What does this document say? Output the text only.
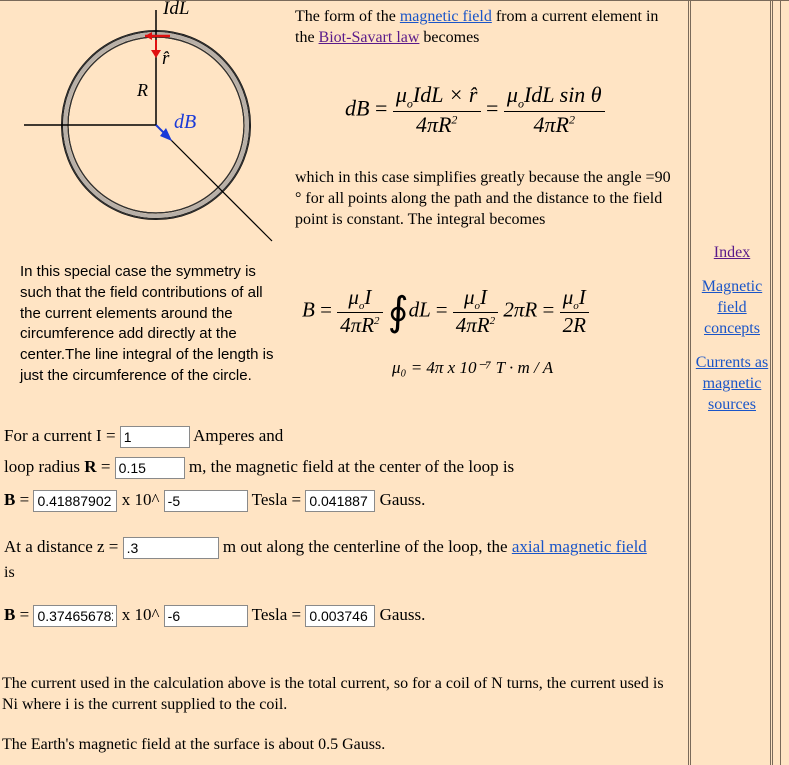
IdL
r̂
R
dB
The form of the magnetic field from a current element in the Biot-Savart law becomes
dB = $\frac{\mu_oIdL \times r̂}{4\pi R^2} = \frac{\mu_oIdL \sin \theta}{4\pi R^2}$
which in this case simplifies greatly because the angle =90 ° for all points along the path and the distance to the field point is constant. The integral becomes
In this special case the symmetry is such that the field contributions of all the current elements around the circumference add directly at the center.The line integral of the length is just the circumference of the circle.
$B = \frac{\mu_oI}{4\pi R^2}$ ∮dL = $\frac{\mu_oI}{4\pi R^2} 2\pi R = \frac{\mu_oI}{2R}$
μ₀ = 4π x 10⁻⁷ T · m / A
For a current I = 1	Amperes and
loop radius R = 0.15	m, the magnetic field at the center of the loop is
B = 0.41887902	x 10^ -5	Tesla = 0.041887	Gauss.
At a distance z = .3	m out along the centerline of the loop, the axial magnetic field
is
B = 0.374656782	x 10^ -6	Tesla = 0.003746	Gauss.
The current used in the calculation above is the total current, so for a coil of N turns, the current used is Ni where i is the current supplied to the coil.
The Earth's magnetic field at the surface is about 0.5 Gauss.
Index
Magnetic field concepts
Currents as magnetic sources
